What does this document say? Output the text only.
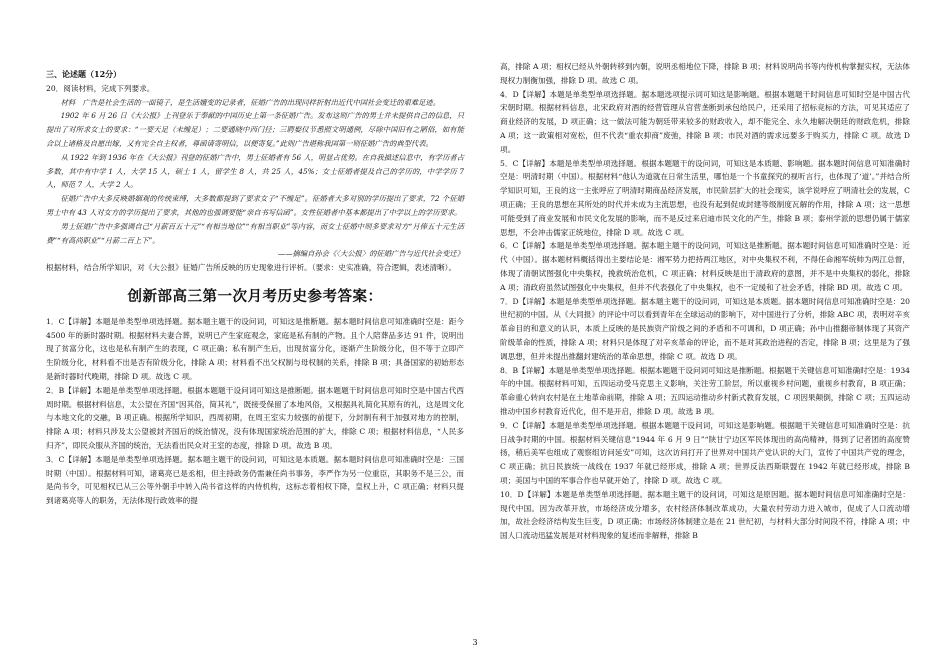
三、论述题（12分）

20．阅读材料，完成下列要求。

材料　广告是社会生活的一面镜子，是生活嬗变的记录者，征婚广告的出现同样折射出近代中国社会变迁的艰难足迹。

1902 年 6 月 26 日《大公报》上刊登乐于奉献的中国历史上第一条征婚广告。发布这则广告的男士并未提供自己的信息，只提出了对所求女士的要求：“一要天足（未缠足）；二要通晓中西门径；三聘娶仪节悉照文明通例，尽除中国旧有之陋俗，如有能合以上诸格及自愿出嫁，又有完全自主权者，尊函请寄明信，以便寄复。”此则广告堪称我国第一则征婚广告的典型代表。

从 1922 年到 1936 年在《大公报》刊登的征婚广告中，男士征婚者有 56 人，明显占优势。在自我描述信息中，有学历者占多数，其中有中学 1 人，大学 15 人，硕士 1 人，留学生 8 人，共 25 人，45%；女士征婚者提及自己的学历的，中学学历 7 人，师范 7 人，大学 2 人。

征婚广告中大多反映婚姻观的传统束缚，大多数都提到了要求女子“不缠足”。征婚者大多对别的学历提出了要求，72 个征婚男士中有 43 人对女方的学历提出了要求，其他的也强调要能“亲自书写信函”。女性征婚者中基本都提出了中学以上的学历要求。

男士征婚广告中多强调自己“月薪百五十元”“有相当地位”“有相当职业”等内容，而女士征婚中则多要求对方“月俸五十元生活费”“有高尚职业”“月薪二百上下”。

——摘编自孙会《〈大公报〉的征婚广告与近代社会变迁》

根据材料，结合所学知识，对《大公报》征婚广告所反映的历史现象进行评析。（要求：史实准确，符合逻辑，表述清晰）。

创新部高三第一次月考历史参考答案：

1．C【详解】本题是单类型单项选择题。据本题主题干的设问词，可知这是推断题。据本题时间信息可知准确时空是：距今 4500 年的新时器时期。根据材料夫妻合葬，说明已产生家庭观念，家庭是私有制的产物。且个人陪葬品多达 91 件，说明出现了贫富分化，这也是私有制产生的表现，C 项正确；私有制产生后，出现贫富分化，逐渐产生阶级分化，但不等于立即产生阶级分化，材料看不出是否有阶级分化，排除 A 项；材料看不出父权制与母权制的关系，排除 B 项；具备国家的初始形态是新时器时代晚期，排除 D 项。故选 C 项。

2．B【详解】本题是单类型单项选择题。根据本题题干设问词可知这是推断题。据本题题干时间信息可知时空是中国古代西周时期。根据材料信息，太公望在齐国“因其俗，简其礼”，既接受保留了本地风俗，又根据具礼简化其原有的礼，这是周文化与本地文化的交融，B 项正确。根据所学知识，西周初期，在周王室实力较强的前提下，分封制有利于加强对地方的控制，排除 A 项；材料只涉及太公望被封齐国后的统治情况，没有体现国家统治范围的扩大，排除 C 项；根据材料信息，“人民多归齐”，即民众服从齐国的统治，无法看出民众对王室的态度，排除 D 项。故选 B 项。

3．C【详解】本题是单类型单项选择题。据本题主题干的设问词，可知这是本质题。据本题时间信息可知准确时空是：三国时期（中国）。根据材料可知，诸葛亮已是丞相，但主持政务仍需兼任尚书事务，李严作为另一位重臣，其职务不是三公，而是尚书令，可见相权已从三公等外朝手中转入尚书省这样的内侍机构，这标志着相权下降，皇权上升，C 项正确；材料只提到诸葛亮等人的职务，无法体现行政效率的提

高，排除 A 项；相权已经从外朝转移到内朝，说明丞相地位下降，排除 B 项；材料说明尚书等内侍机构掌握实权，无法体现权力制衡加强，排除 D 项。故选 C 项。

4．D【详解】本题是单类型单项选择题。据本题选项提示词可知这是影响题。根据本题题干时间信息可知时空是中国古代宋朝时期。根据材料信息，北宋政府对酒的经营管理从官营垄断到承包给民户，还采用了招标竞标的方法，可见其适应了商业经济的发展，D 项正确；这一做法可能为朝廷带来较多的财政收入，却不能完全、永久地解决朝廷的财政危机，排除 A 项；这一政策相对宽松，但不代表“重农抑商”废弛，排除 B 项；市民对酒的需求远要多于购买力，排除 C 项。故选 D 项。

5．C【详解】本题是单类型单项选择题。根据本题题干的设问词，可知这是本质题、影响题。据本题时间信息可知准确时空是：明清时期（中国）。根据材料“他认为道就在日常生活里，哪怕是一个书童探究的视听言行，也体现了‘道’。”并结合所学知识可知，王良的这一主张呼应了明清时期商品经济发展，市民阶层扩大的社会现实，该学说呼应了明清社会的发展，C 项正确；王良的思想在其所处的时代并未成为主流思想，也没有起到促成封建等级制度瓦解的作用，排除 A 项；这一思想可能受到了商业发展和市民文化发展的影响，而不是反过来启迪市民文化的产生，排除 B 项；泰州学派的思想仍属于儒家思想，不会冲击儒家正统地位，排除 D 项。故选 C 项。

6．C【详解】本题是单类型单项选择题。据本题主题干的设问词，可知这是推断题。据本题时间信息可知准确时空是：近代（中国）。据本题材料概括得出主要结论是：湘军势力把持两江地区，对中央集权不利，不得任命湘军统帅为两江总督，体现了清朝试图强化中央集权，挽救统治危机，C 项正确；材料反映是出于清政府的意图，并不是中央集权的弱化，排除 A 项；清政府虽然试图强化中央集权，但并不代表强化了中央集权，也不一定缓和了社会矛盾，排除 BD 项。故选 C 项。

7．D【详解】本题是单类型单项选择题。据本题主题干的设问词，可知这是本质题。据本题时间信息可知准确时空是：20 世纪初的中国。从《大同报》的评论中可以看到青年在全球运动的影响下，对中国进行了分析，排除 ABC 项，表明对辛亥革命目的和意义的认识，本质上反映的是民族资产阶级之间的矛盾和不可调和，D 项正确；孙中山推翻帝制体现了其资产阶级革命的性质，排除 A 项；材料只是体现了对辛亥革命的评论，而不是对其政治进程的否定，排除 B 项；这里是为了强调思想，但并未提出推翻封建统治的革命思想，排除 C 项。故选 D 项。

8．B【详解】本题是单类型单项选择题。根据本题题干设问词可知这是推断题。根据题干关键信息可知准确时空是：1934 年的中国。根据材料可知，五四运动受马克思主义影响，关注劳工阶层，所以重视乡村问题，重视乡村教育，B 项正确；革命重心转向农村是在土地革命前期，排除 A 项；五四运动推动乡村新式教育发展，C 项因果颠倒，排除 C 项；五四运动推动中国乡村教育近代化，但不是开启，排除 D 项。故选 B 项。

9．C【详解】本题是单类型单项选择题。根据本题题干设问词，可知这是影响题。根据题干关键信息可知准确时空是：抗日战争时期的中国。根据材料关键信息“1944 年 6 月 9 日”“陕甘宁边区军民体现出的高尚精神，得到了记者团的高度赞扬，稍后美军也组成了观察组访问延安”可知，这次访问打开了世界对中国共产党认识的大门，宣传了中国共产党的理念，C 项正确；抗日民族统一战线在 1937 年就已经形成，排除 A 项；世界反法西斯联盟在 1942 年就已经形成，排除 B 项；美国与中国的军事合作也早就开始了，排除 D 项。故选 C 项。

10．D【详解】本题是单类型单项选择题。据本题主题干的设问词，可知这是原因题。据本题时间信息可知准确时空是：现代中国。因为改革开放，市场经济成分增多，农村经济体制改革成功，大量农村劳动力进入城市，促成了人口流动增加，故社会经济结构发生巨变，D 项正确；市场经济体制建立是在 21 世纪初，与材料大部分时间段不符，排除 A 项；中国人口流动迅猛发展是对材料现象的复述而非解释，排除 B

3
